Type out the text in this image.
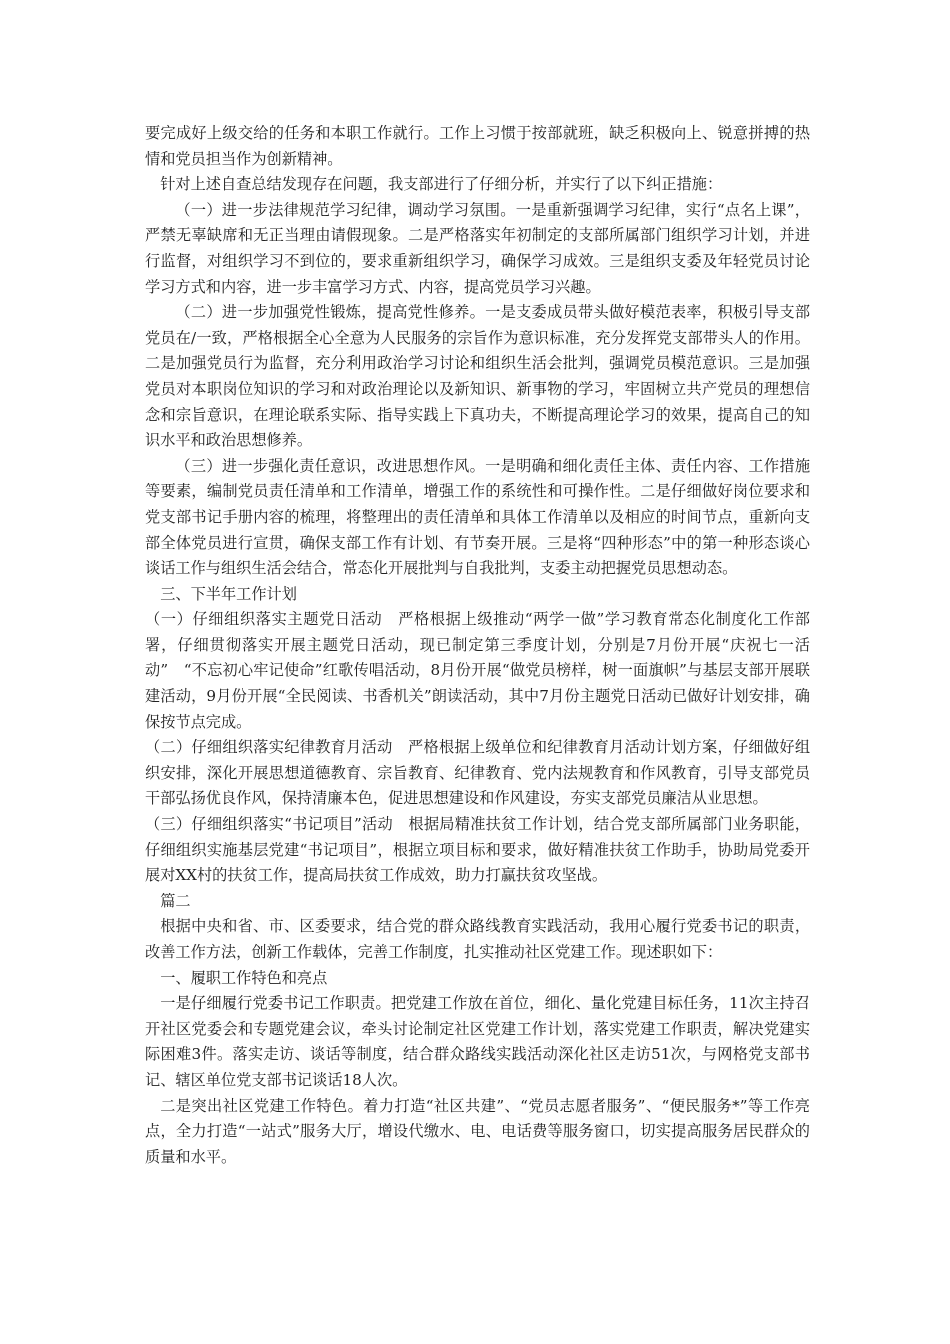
要完成好上级交给的任务和本职工作就行。工作上习惯于按部就班，缺乏积极向上、锐意拼搏的热情和党员担当作为创新精神。

针对上述自查总结发现存在问题，我支部进行了仔细分析，并实行了以下纠正措施：

（一）进一步法律规范学习纪律，调动学习氛围。一是重新强调学习纪律，实行“点名上课”，严禁无辜缺席和无正当理由请假现象。二是严格落实年初制定的支部所属部门组织学习计划，并进行监督，对组织学习不到位的，要求重新组织学习，确保学习成效。三是组织支委及年轻党员讨论学习方式和内容，进一步丰富学习方式、内容，提高党员学习兴趣。

（二）进一步加强党性锻炼，提高党性修养。一是支委成员带头做好模范表率，积极引导支部党员在/一致，严格根据全心全意为人民服务的宗旨作为意识标准，充分发挥党支部带头人的作用。二是加强党员行为监督，充分利用政治学习讨论和组织生活会批判，强调党员模范意识。三是加强党员对本职岗位知识的学习和对政治理论以及新知识、新事物的学习，牢固树立共产党员的理想信念和宗旨意识，在理论联系实际、指导实践上下真功夫，不断提高理论学习的效果，提高自己的知识水平和政治思想修养。

（三）进一步强化责任意识，改进思想作风。一是明确和细化责任主体、责任内容、工作措施等要素，编制党员责任清单和工作清单，增强工作的系统性和可操作性。二是仔细做好岗位要求和党支部书记手册内容的梳理，将整理出的责任清单和具体工作清单以及相应的时间节点，重新向支部全体党员进行宣贯，确保支部工作有计划、有节奏开展。三是将“四种形态”中的第一种形态谈心谈话工作与组织生活会结合，常态化开展批判与自我批判，支委主动把握党员思想动态。

三、下半年工作计划

（一）仔细组织落实主题党日活动　严格根据上级推动“两学一做”学习教育常态化制度化工作部署，仔细贯彻落实开展主题党日活动，现已制定第三季度计划，分别是7月份开展“庆祝七一活动”　“不忘初心牢记使命”红歌传唱活动，8月份开展“做党员榜样，树一面旗帜”与基层支部开展联建活动，9月份开展“全民阅读、书香机关”朗读活动，其中7月份主题党日活动已做好计划安排，确保按节点完成。

（二）仔细组织落实纪律教育月活动　严格根据上级单位和纪律教育月活动计划方案，仔细做好组织安排，深化开展思想道德教育、宗旨教育、纪律教育、党内法规教育和作风教育，引导支部党员干部弘扬优良作风，保持清廉本色，促进思想建设和作风建设，夯实支部党员廉洁从业思想。

（三）仔细组织落实“书记项目”活动　根据局精准扶贫工作计划，结合党支部所属部门业务职能，仔细组织实施基层党建“书记项目”，根据立项目标和要求，做好精准扶贫工作助手，协助局党委开展对XX村的扶贫工作，提高局扶贫工作成效，助力打赢扶贫攻坚战。

篇二

根据中央和省、市、区委要求，结合党的群众路线教育实践活动，我用心履行党委书记的职责，改善工作方法，创新工作载体，完善工作制度，扎实推动社区党建工作。现述职如下：

一、履职工作特色和亮点

一是仔细履行党委书记工作职责。把党建工作放在首位，细化、量化党建目标任务，11次主持召开社区党委会和专题党建会议，牵头讨论制定社区党建工作计划，落实党建工作职责，解决党建实际困难3件。落实走访、谈话等制度，结合群众路线实践活动深化社区走访51次，与网格党支部书记、辖区单位党支部书记谈话18人次。

二是突出社区党建工作特色。着力打造“社区共建”、“党员志愿者服务”、“便民服务*”等工作亮点，全力打造“一站式”服务大厅，增设代缴水、电、电话费等服务窗口，切实提高服务居民群众的质量和水平。
